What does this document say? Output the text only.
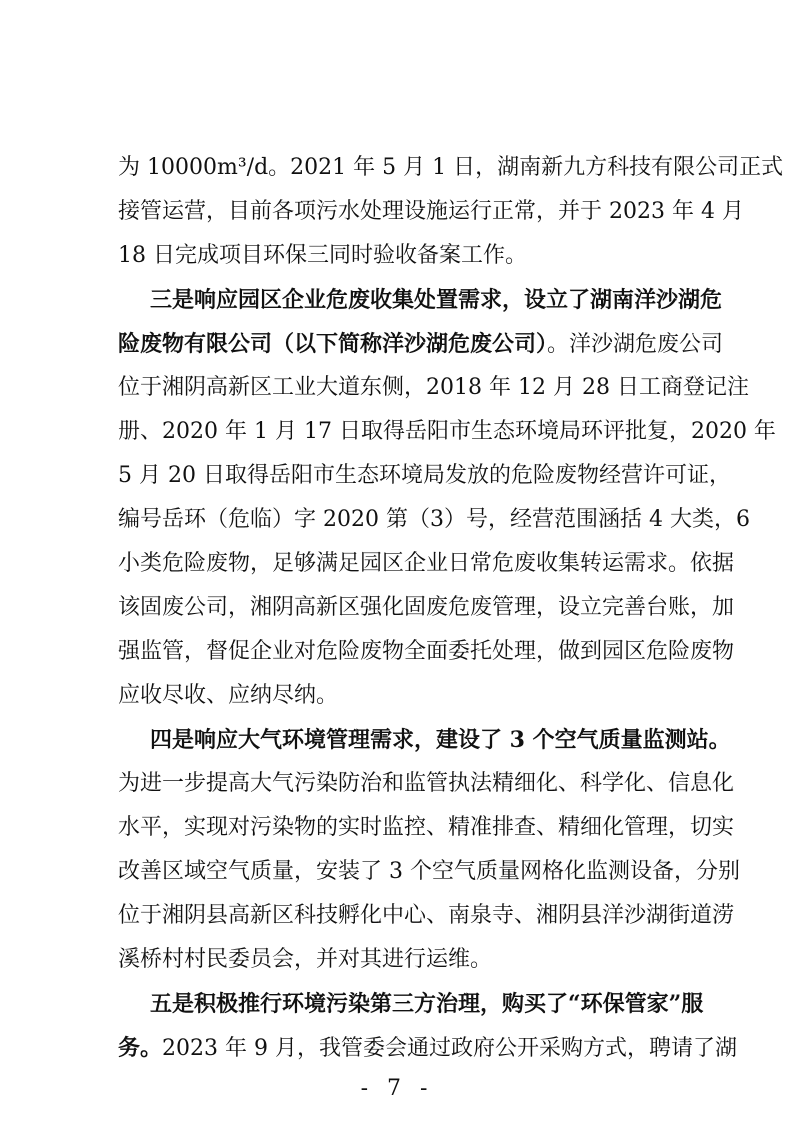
为 10000m³/d。2021 年 5 月 1 日，湖南新九方科技有限公司正式
接管运营，目前各项污水处理设施运行正常，并于 2023 年 4 月
18 日完成项目环保三同时验收备案工作。
三是响应园区企业危废收集处置需求，设立了湖南洋沙湖危
险废物有限公司（以下简称洋沙湖危废公司）。洋沙湖危废公司
位于湘阴高新区工业大道东侧，2018 年 12 月 28 日工商登记注
册、2020 年 1 月 17 日取得岳阳市生态环境局环评批复，2020 年
5 月 20 日取得岳阳市生态环境局发放的危险废物经营许可证，
编号岳环（危临）字 2020 第（3）号，经营范围涵括 4 大类，6
小类危险废物，足够满足园区企业日常危废收集转运需求。依据
该固废公司，湘阴高新区强化固废危废管理，设立完善台账，加
强监管，督促企业对危险废物全面委托处理，做到园区危险废物
应收尽收、应纳尽纳。
四是响应大气环境管理需求，建设了 3 个空气质量监测站。
为进一步提高大气污染防治和监管执法精细化、科学化、信息化
水平，实现对污染物的实时监控、精准排查、精细化管理，切实
改善区域空气质量，安装了 3 个空气质量网格化监测设备，分别
位于湘阴县高新区科技孵化中心、南泉寺、湘阴县洋沙湖街道涝
溪桥村村民委员会，并对其进行运维。
五是积极推行环境污染第三方治理，购买了“环保管家”服
务。2023 年 9 月，我管委会通过政府公开采购方式，聘请了湖
- 7 -
